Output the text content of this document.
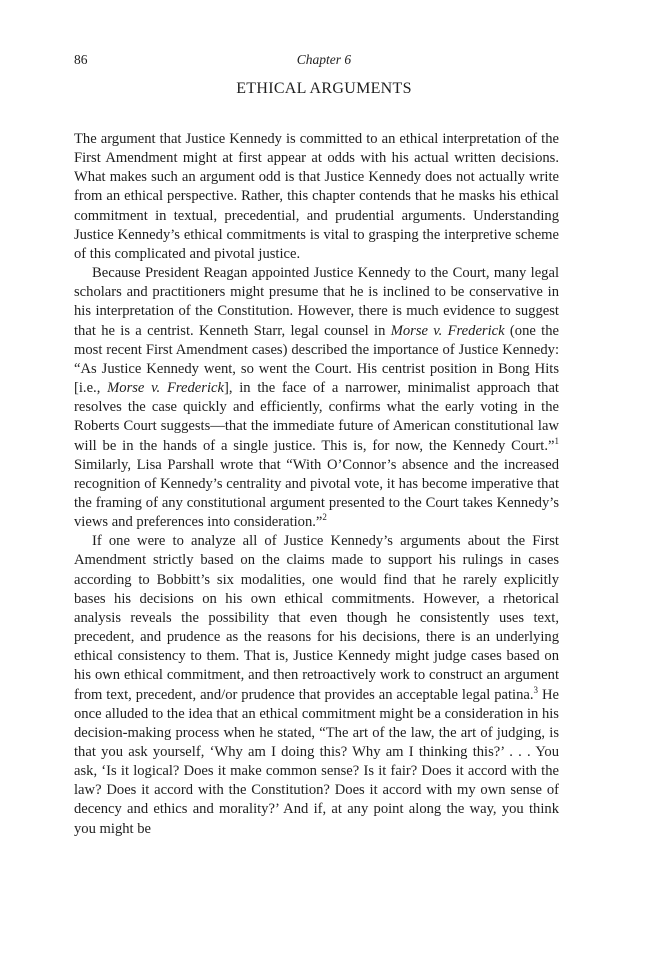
86	Chapter 6
ETHICAL ARGUMENTS

The argument that Justice Kennedy is committed to an ethical interpretation of the First Amendment might at first appear at odds with his actual written decisions. What makes such an argument odd is that Justice Kennedy does not actually write from an ethical perspective. Rather, this chapter contends that he masks his ethical commitment in textual, precedential, and prudential arguments. Understanding Justice Kennedy’s ethical commitments is vital to grasping the interpretive scheme of this complicated and pivotal justice.

Because President Reagan appointed Justice Kennedy to the Court, many legal scholars and practitioners might presume that he is inclined to be conservative in his interpretation of the Constitution. However, there is much evidence to suggest that he is a centrist. Kenneth Starr, legal counsel in Morse v. Frederick (one the most recent First Amendment cases) described the importance of Justice Kennedy: “As Justice Kennedy went, so went the Court. His centrist position in Bong Hits [i.e., Morse v. Frederick], in the face of a narrower, minimalist approach that resolves the case quickly and efficiently, confirms what the early voting in the Roberts Court suggests—that the immediate future of American constitutional law will be in the hands of a single justice. This is, for now, the Kennedy Court.”$^1$ Similarly, Lisa Parshall wrote that “With O’Connor’s absence and the increased recognition of Kennedy’s centrality and pivotal vote, it has become imperative that the framing of any constitutional argument presented to the Court takes Kennedy’s views and preferences into consideration.”$^2$

If one were to analyze all of Justice Kennedy’s arguments about the First Amendment strictly based on the claims made to support his rulings in cases according to Bobbitt’s six modalities, one would find that he rarely explicitly bases his decisions on his own ethical commitments. However, a rhetorical analysis reveals the possibility that even though he consistently uses text, precedent, and prudence as the reasons for his decisions, there is an underlying ethical consistency to them. That is, Justice Kennedy might judge cases based on his own ethical commitment, and then retroactively work to construct an argument from text, precedent, and/or prudence that provides an acceptable legal patina.$^3$ He once alluded to the idea that an ethical commitment might be a consideration in his decision-making process when he stated, “The art of the law, the art of judging, is that you ask yourself, ‘Why am I doing this? Why am I thinking this?’ . . . You ask, ‘Is it logical? Does it make common sense? Is it fair? Does it accord with the law? Does it accord with the Constitution? Does it accord with my own sense of decency and ethics and morality?’ And if, at any point along the way, you think you might be
